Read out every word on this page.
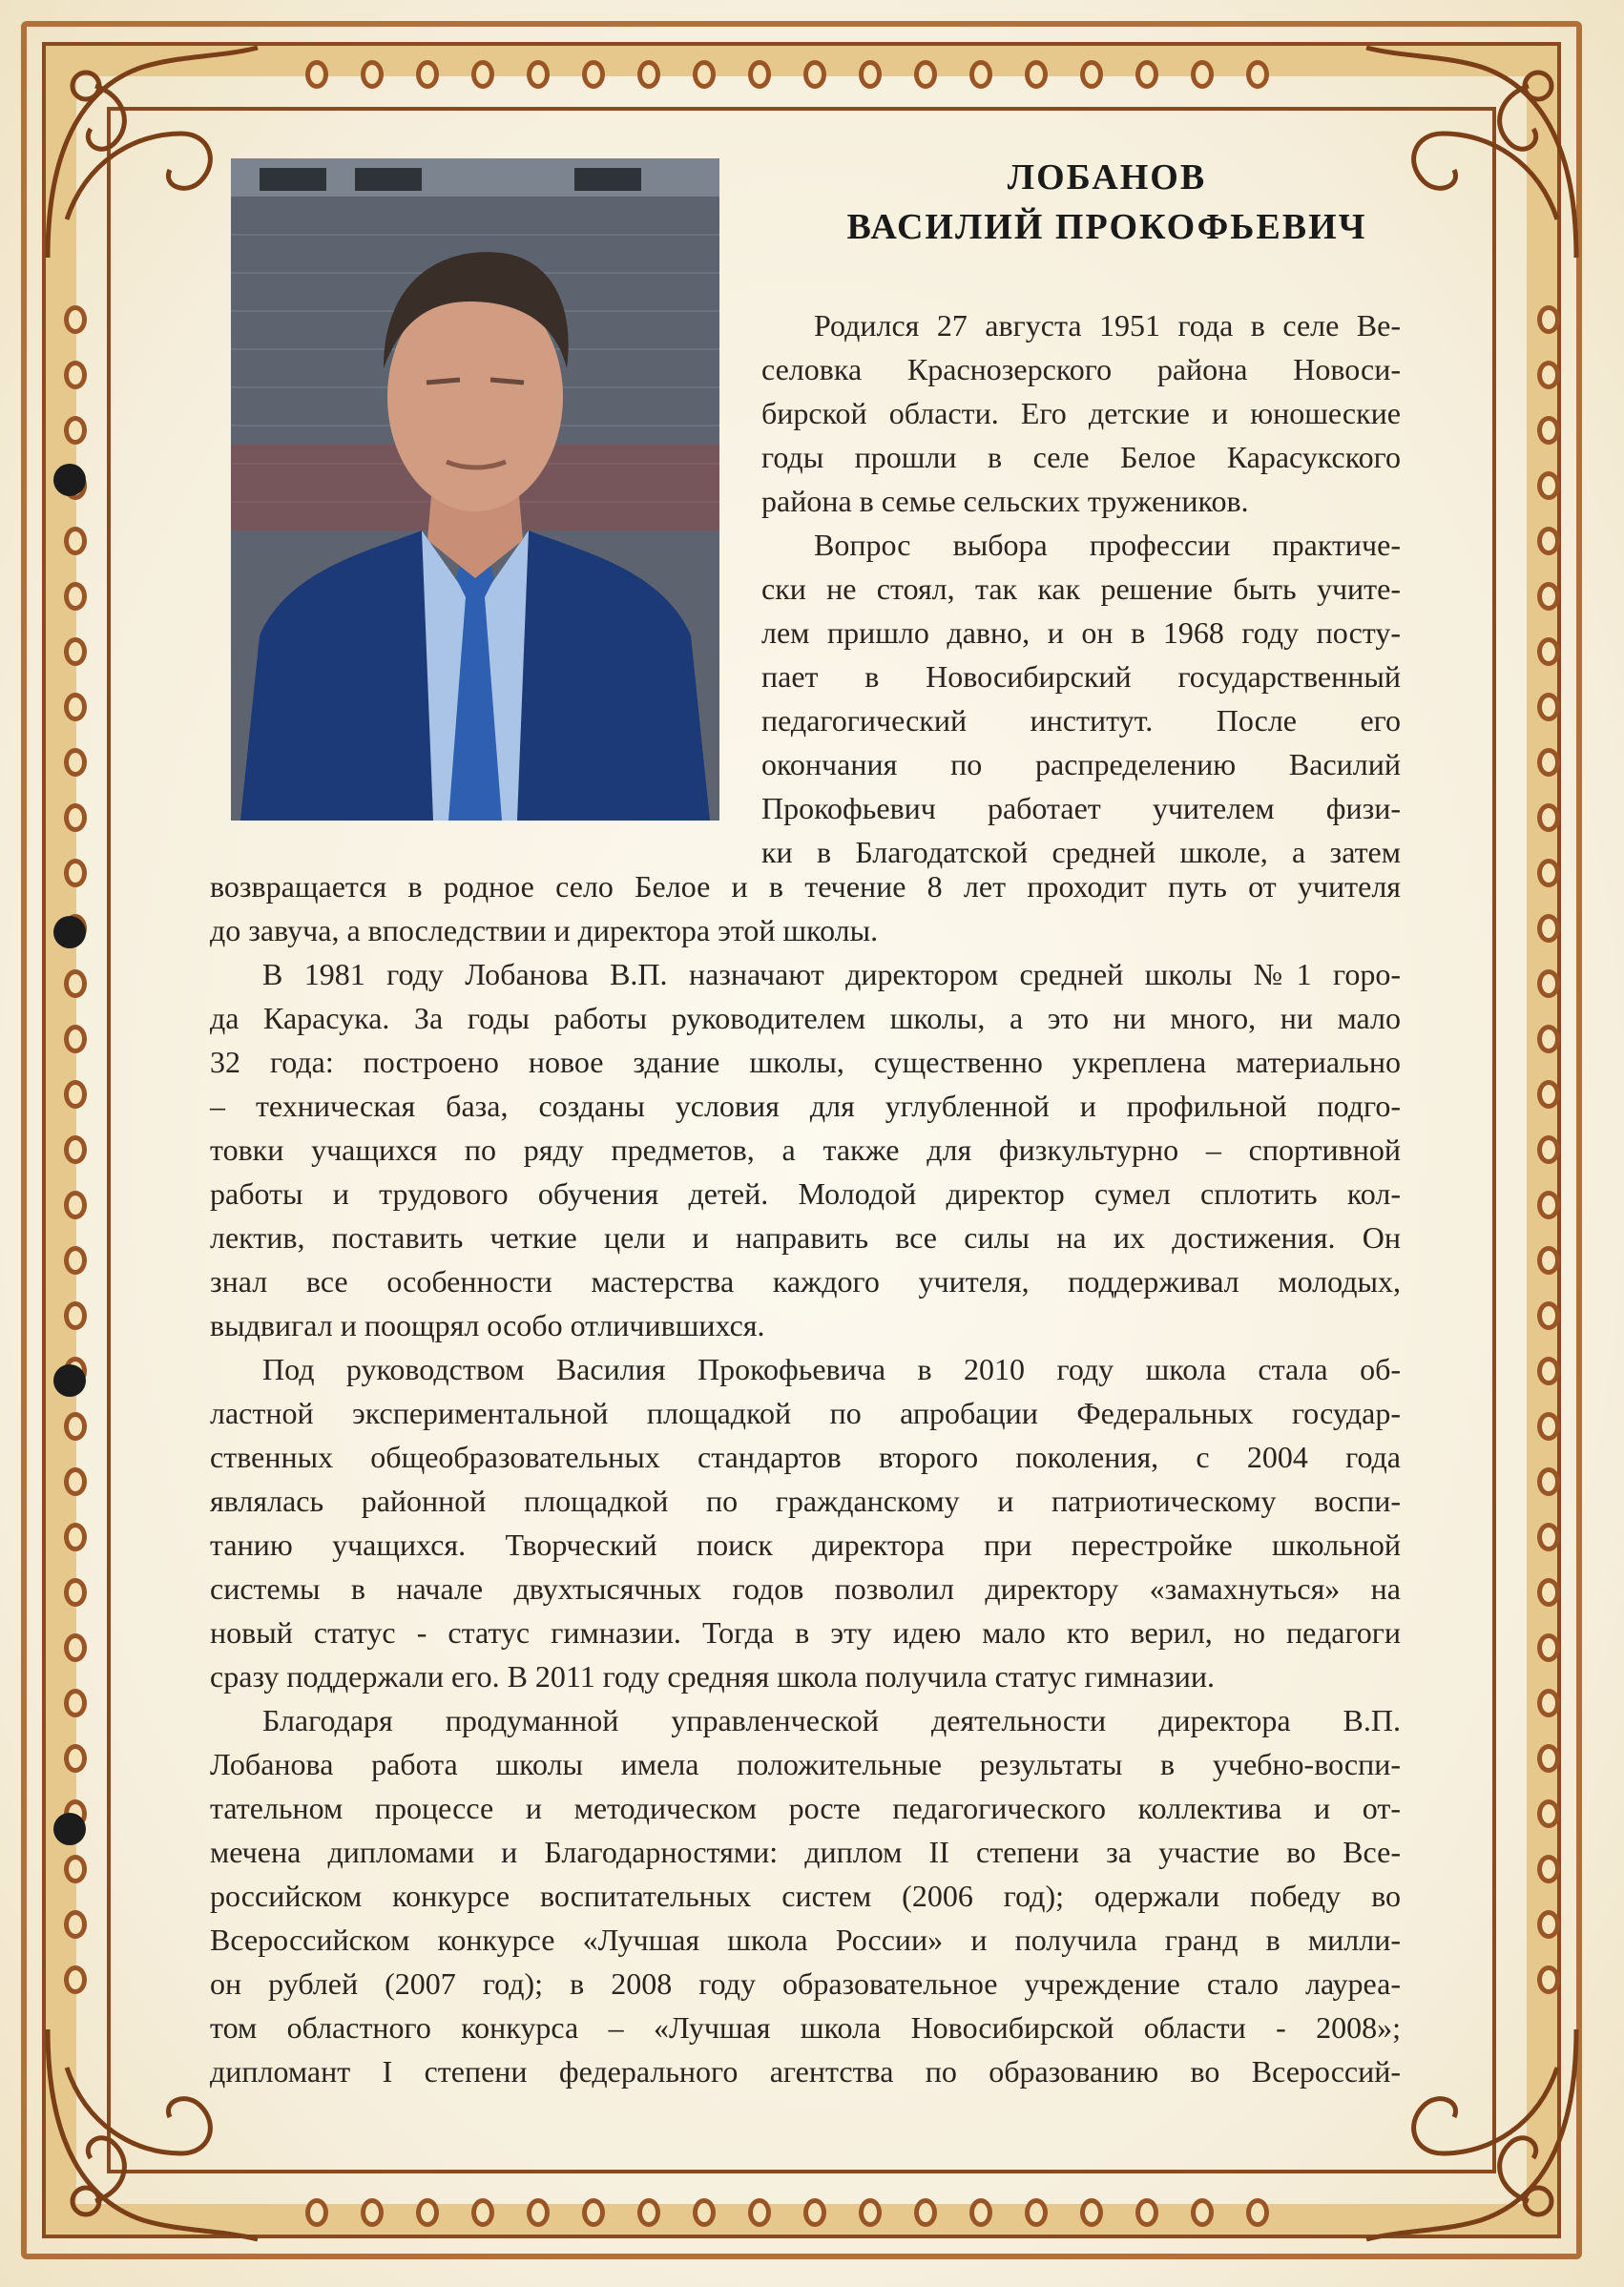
ЛОБАНОВ
ВАСИЛИЙ ПРОКОФЬЕВИЧ
Родился 27 августа 1951 года в селе Ве-
селовка Краснозерского района Новоси-
бирской области. Его детские и юношеские
годы прошли в селе Белое Карасукского
района в семье сельских тружеников.
Вопрос выбора профессии практиче-
ски не стоял, так как решение быть учите-
лем пришло давно, и он в 1968 году посту-
пает в Новосибирский государственный
педагогический институт. После его
окончания по распределению Василий
Прокофьевич работает учителем физи-
ки в Благодатской средней школе, а затем
возвращается в родное село Белое и в течение 8 лет проходит путь от учителя
до завуча, а впоследствии и директора этой школы.
В 1981 году Лобанова В.П. назначают директором средней школы №1 горо-
да Карасука. За годы работы руководителем школы, а это ни много, ни мало
32 года: построено новое здание школы, существенно укреплена материально
– техническая база, созданы условия для углубленной и профильной подго-
товки учащихся по ряду предметов, а также для физкультурно – спортивной
работы и трудового обучения детей. Молодой директор сумел сплотить кол-
лектив, поставить четкие цели и направить все силы на их достижения. Он
знал все особенности мастерства каждого учителя, поддерживал молодых,
выдвигал и поощрял особо отличившихся.
Под руководством Василия Прокофьевича в 2010 году школа стала об-
ластной экспериментальной площадкой по апробации Федеральных государ-
ственных общеобразовательных стандартов второго поколения, с 2004 года
являлась районной площадкой по гражданскому и патриотическому воспи-
танию учащихся. Творческий поиск директора при перестройке школьной
системы в начале двухтысячных годов позволил директору «замахнуться» на
новый статус - статус гимназии. Тогда в эту идею мало кто верил, но педагоги
сразу поддержали его. В 2011 году средняя школа получила статус гимназии.
Благодаря продуманной управленческой деятельности директора В.П.
Лобанова работа школы имела положительные результаты в учебно-воспи-
тательном процессе и методическом росте педагогического коллектива и от-
мечена дипломами и Благодарностями: диплом II степени за участие во Все-
российском конкурсе воспитательных систем (2006 год); одержали победу во
Всероссийском конкурсе «Лучшая школа России» и получила гранд в милли-
он рублей (2007 год); в 2008 году образовательное учреждение стало лауреа-
том областного конкурса – «Лучшая школа Новосибирской области - 2008»;
дипломант I степени федерального агентства по образованию во Всероссий-
